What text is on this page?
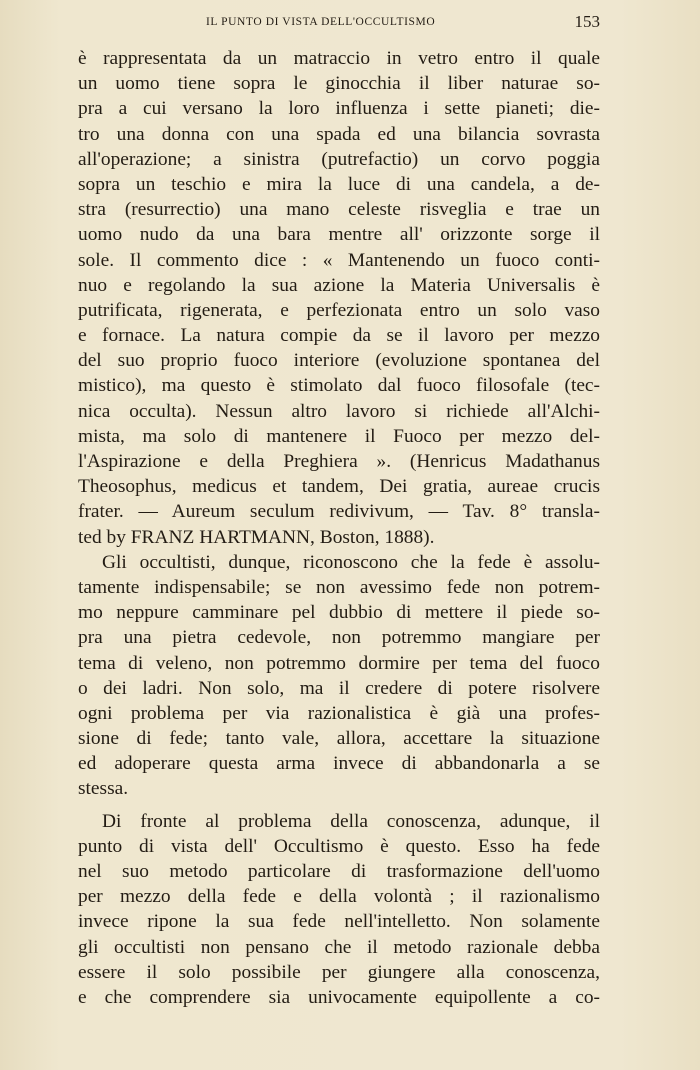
IL PUNTO DI VISTA DELL'OCCULTISMO	153
è rappresentata da un matraccio in vetro entro il quale
un uomo tiene sopra le ginocchia il liber naturae so-
pra a cui versano la loro influenza i sette pianeti; die-
tro una donna con una spada ed una bilancia sovrasta
all'operazione; a sinistra (putrefactio) un corvo poggia
sopra un teschio e mira la luce di una candela, a de-
stra (resurrectio) una mano celeste risveglia e trae un
uomo nudo da una bara mentre all' orizzonte sorge il
sole. Il commento dice : « Mantenendo un fuoco conti-
nuo e regolando la sua azione la Materia Universalis è
putrificata, rigenerata, e perfezionata entro un solo vaso
e fornace. La natura compie da se il lavoro per mezzo
del suo proprio fuoco interiore (evoluzione spontanea del
mistico), ma questo è stimolato dal fuoco filosofale (tec-
nica occulta). Nessun altro lavoro si richiede all'Alchi-
mista, ma solo di mantenere il Fuoco per mezzo del-
l'Aspirazione e della Preghiera ». (Henricus Madathanus
Theosophus, medicus et tandem, Dei gratia, aureae crucis
frater. — Aureum seculum redivivum, — Tav. 8° transla-
ted by FRANZ HARTMANN, Boston, 1888).
Gli occultisti, dunque, riconoscono che la fede è assolu-
tamente indispensabile; se non avessimo fede non potrem-
mo neppure camminare pel dubbio di mettere il piede so-
pra una pietra cedevole, non potremmo mangiare per
tema di veleno, non potremmo dormire per tema del fuoco
o dei ladri. Non solo, ma il credere di potere risolvere
ogni problema per via razionalistica è già una profes-
sione di fede; tanto vale, allora, accettare la situazione
ed adoperare questa arma invece di abbandonarla a se
stessa.
Di fronte al problema della conoscenza, adunque, il
punto di vista dell' Occultismo è questo. Esso ha fede
nel suo metodo particolare di trasformazione dell'uomo
per mezzo della fede e della volontà ; il razionalismo
invece ripone la sua fede nell'intelletto. Non solamente
gli occultisti non pensano che il metodo razionale debba
essere il solo possibile per giungere alla conoscenza,
e che comprendere sia univocamente equipollente a co-
